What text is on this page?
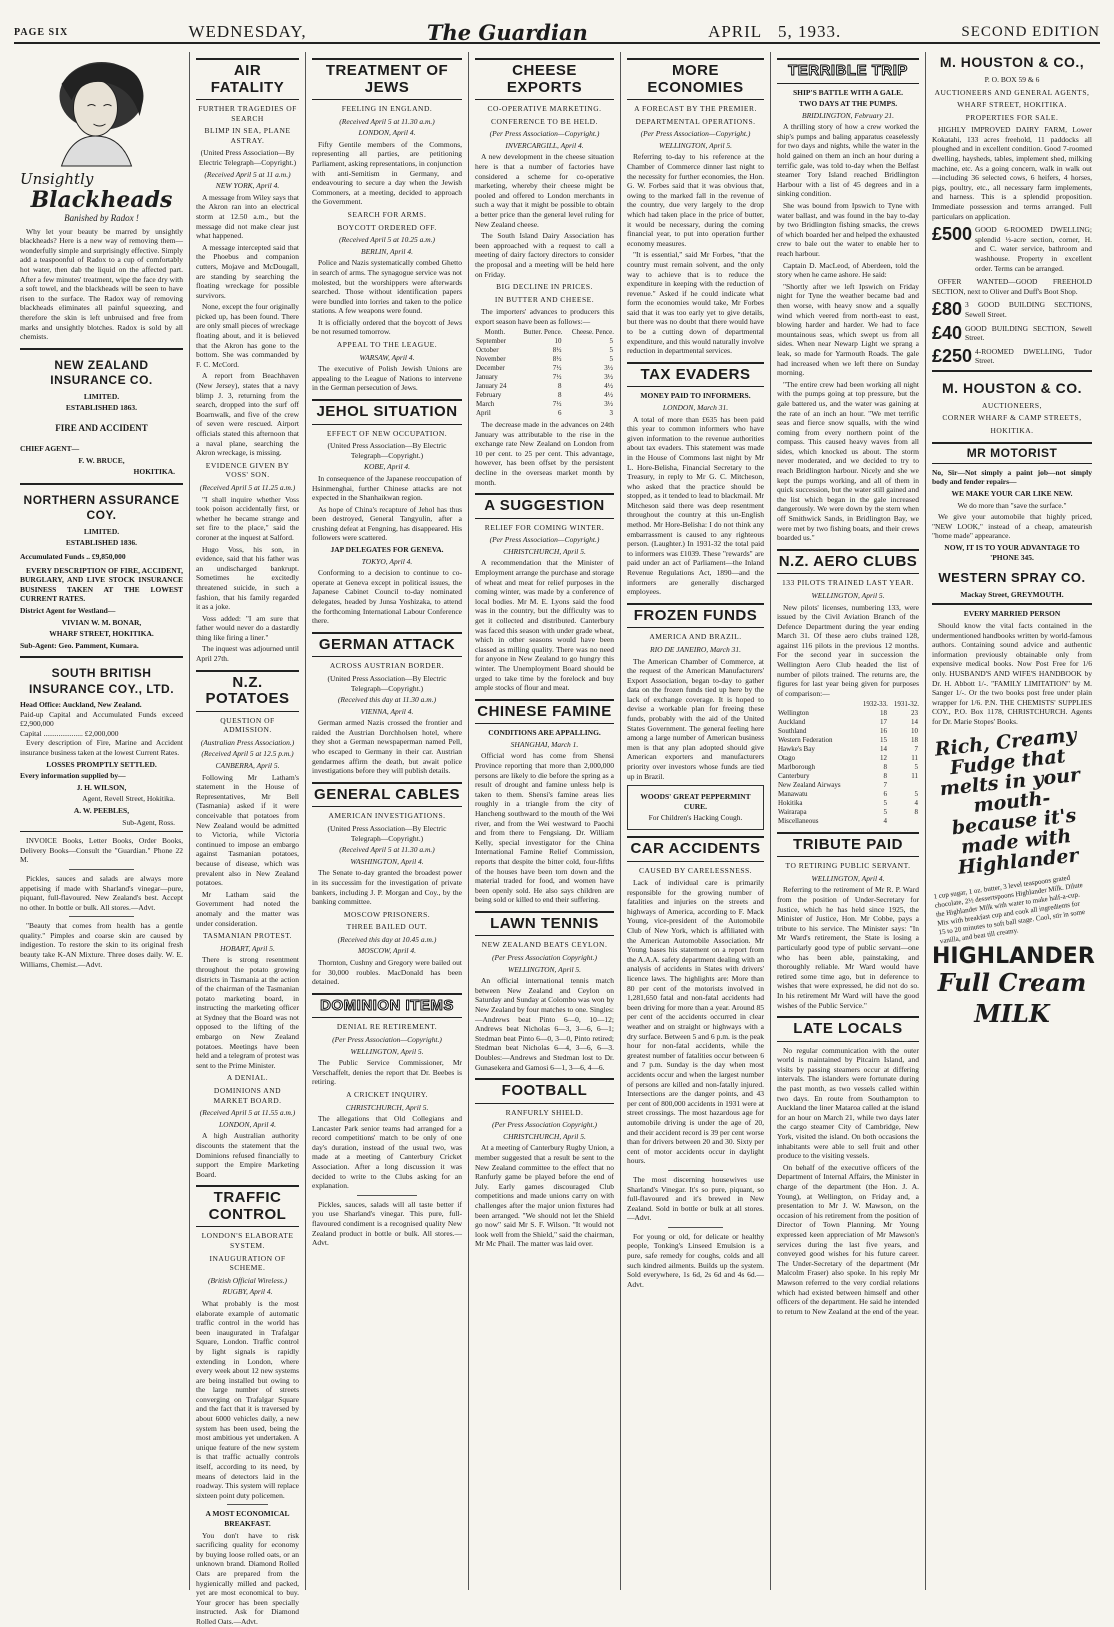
PAGE SIX	WEDNESDAY,	The Guardian	APRIL 5, 1933.	SECOND EDITION
Unsightly
Blackheads
Banished by Radox !

Why let your beauty be marred by unsightly blackheads? Here is a new way of removing them—wonderfully simple and surprisingly effective. Simply add a teaspoonful of Radox to a cup of comfortably hot water, then dab the liquid on the affected part. After a few minutes' treatment, wipe the face dry with a soft towel, and the blackheads will be seen to have risen to the surface. The Radox way of removing blackheads eliminates all painful squeezing, and therefore the skin is left unbruised and free from marks and unsightly blotches. Radox is sold by all chemists.

NEW ZEALAND INSURANCE CO.
LIMITED.
ESTABLISHED 1863.
FIRE AND ACCIDENT
CHIEF AGENT—
F. W. BRUCE,
HOKITIKA.
NORTHERN ASSURANCE COY.
LIMITED.
ESTABLISHED 1836.
Accumulated Funds .. £9,850,000

EVERY DESCRIPTION OF FIRE, ACCIDENT, BURGLARY, AND LIVE STOCK INSURANCE BUSINESS TAKEN AT THE LOWEST CURRENT RATES.

District Agent for Westland—
VIVIAN W. M. BONAR,
WHARF STREET, HOKITIKA.
Sub-Agent: Geo. Pamment, Kumara.
SOUTH BRITISH INSURANCE COY., LTD.
Head Office: Auckland, New Zealand.
Paid-up Capital and Accumulated Funds exceed £2,900,000
Capital ..................... £2,000,000

Every description of Fire, Marine and Accident insurance business taken at the lowest Current Rates.

LOSSES PROMPTLY SETTLED.
Every information supplied by—
J. H. WILSON,
Agent, Revell Street, Hokitika.
A. W. PEEBLES,
Sub-Agent, Ross.

INVOICE Books, Letter Books, Order Books, Delivery Books—Consult the "Guardian." Phone 22 M.

Pickles, sauces and salads are always more appetising if made with Sharland's vinegar—pure, piquant, full-flavoured. New Zealand's best. Accept no other. In bottle or bulk. All stores.—Advt.

"Beauty that comes from health has a gentle quality." Pimples and coarse skin are caused by indigestion. To restore the skin to its original fresh beauty take K-AN Mixture. Three doses daily. W. E. Williams, Chemist.—Advt.

AIR FATALITY
FURTHER TRAGEDIES OF SEARCH
BLIMP IN SEA, PLANE ASTRAY.
(United Press Association—By Electric Telegraph—Copyright.)
(Received April 5 at 11 a.m.)
NEW YORK, April 4.

A message from Wiley says that the Akron ran into an electrical storm at 12.50 a.m., but the message did not make clear just what happened.

A message intercepted said that the Phoebus and companion cutters, Mojave and McDougall, are standing by searching the floating wreckage for possible survivors.

None, except the four originally picked up, has been found. There are only small pieces of wreckage floating about, and it is believed that the Akron has gone to the bottom. She was commanded by F. C. McCord.

A report from Beachhaven (New Jersey), states that a navy blimp J. 3, returning from the search, dropped into the surf off Boarnwalk, and five of the crew of seven were rescued. Airport officials stated this afternoon that a naval plane, searching the Akron wreckage, is missing.

EVIDENCE GIVEN BY VOSS' SON.
(Received April 5 at 11.25 a.m.)

"I shall inquire whether Voss took poison accidentally first, or whether he became strange and set fire to the place," said the coroner at the inquest at Salford.

Hugo Voss, his son, in evidence, said that his father was an undischarged bankrupt. Sometimes he excitedly threatened suicide, in such a fashion, that his family regarded it as a joke.

Voss added: "I am sure that father would never do a dastardly thing like firing a liner."

The inquest was adjourned until April 27th.

N.Z. POTATOES
QUESTION OF ADMISSION.
(Australian Press Association.)
(Received April 5 at 12.5 p.m.)
CANBERRA, April 5.

Following Mr Latham's statement in the House of Representatives, Mr Bell (Tasmania) asked if it were conceivable that potatoes from New Zealand would be admitted to Victoria, while Victoria continued to impose an embargo against Tasmanian potatoes, because of disease, which was prevalent also in New Zealand potatoes.

Mr Latham said the Government had noted the anomaly and the matter was under consideration.

TASMANIAN PROTEST.
HOBART, April 5.

There is strong resentment throughout the potato growing districts in Tasmania at the action of the chairman of the Tasmanian potato marketing board, in instructing the marketing officer at Sydney that the Board was not opposed to the lifting of the embargo on New Zealand potatoes. Meetings have been held and a telegram of protest was sent to the Prime Minister.

A DENIAL.
DOMINIONS AND MARKET BOARD.
(Received April 5 at 11.55 a.m.)
LONDON, April 4.

A high Australian authority discounts the statement that the Dominions refused financially to support the Empire Marketing Board.

TRAFFIC CONTROL
LONDON'S ELABORATE SYSTEM.
INAUGURATION OF SCHEME.
(British Official Wireless.)
RUGBY, April 4.

What probably is the most elaborate example of automatic traffic control in the world has been inaugurated in Trafalgar Square, London. Traffic control by light signals is rapidly extending in London, where every week about 12 new systems are being installed but owing to the large number of streets converging on Trafalgar Square and the fact that it is traversed by about 6000 vehicles daily, a new system has been used, being the most ambitious yet undertaken. A unique feature of the new system is that traffic actually controls itself, according to its need, by means of detectors laid in the roadway. This system will replace sixteen point duty policemen.

A MOST ECONOMICAL BREAKFAST.

You don't have to risk sacrificing quality for economy by buying loose rolled oats, or an unknown brand. Diamond Rolled Oats are prepared from the hygienically milled and packed, yet are most economical to buy. Your grocer has been specially instructed. Ask for Diamond Rolled Oats.—Advt.

TREATMENT OF JEWS
FEELING IN ENGLAND.
(Received April 5 at 11.30 a.m.)
LONDON, April 4.

Fifty Gentile members of the Commons, representing all parties, are petitioning Parliament, asking representations, in conjunction with anti-Semitism in Germany, and endeavouring to secure a day when the Jewish Commoners, at a meeting, decided to approach the Government.

SEARCH FOR ARMS.
BOYCOTT ORDERED OFF.
(Received April 5 at 10.25 a.m.)
BERLIN, April 4.

Police and Nazis systematically combed Ghetto in search of arms. The synagogue service was not molested, but the worshippers were afterwards searched. Those without identification papers were bundled into lorries and taken to the police stations. A few weapons were found.

It is officially ordered that the boycott of Jews be not resumed tomorrow.

APPEAL TO THE LEAGUE.
WARSAW, April 4.

The executive of Polish Jewish Unions are appealing to the League of Nations to intervene in the German persecution of Jews.

JEHOL SITUATION
EFFECT OF NEW OCCUPATION.
(United Press Association—By Electric Telegraph—Copyright.)
KOBE, April 4.

In consequence of the Japanese reoccupation of Hsinmenghai, further Chinese attacks are not expected in the Shanhaikwan region.

As hope of China's recapture of Jehol has thus been destroyed, General Tangyulin, after a crushing defeat at Fengning, has disappeared. His followers were scattered.

JAP DELEGATES FOR GENEVA.
TOKYO, April 4.

Conforming to a decision to continue to co-operate at Geneva except in political issues, the Japanese Cabinet Council to-day nominated delegates, headed by Junsa Yoshizaka, to attend the forthcoming International Labour Conference there.

GERMAN ATTACK
ACROSS AUSTRIAN BORDER.
(United Press Association—By Electric Telegraph—Copyright.)
(Received this day at 11.30 a.m.)
VIENNA, April 4.

German armed Nazis crossed the frontier and raided the Austrian Dorchholsen hotel, where they shot a German newspaperman named Pell, who escaped to Germany in their car. Austrian gendarmes affirm the death, but await police investigations before they will publish details.

GENERAL CABLES
AMERICAN INVESTIGATIONS.
(United Press Association—By Electric Telegraph—Copyright.)
(Received April 5 at 11.30 a.m.)
WASHINGTON, April 4.

The Senate to-day granted the broadest power in its successim for the investigation of private bankers, including J. P. Morgan and Coy., by the banking committee.

MOSCOW PRISONERS.
THREE BAILED OUT.
(Received this day at 10.45 a.m.)
MOSCOW, April 4.

Thornton, Cushny and Gregory were bailed out for 30,000 roubles. MacDonald has been detained.

DOMINION ITEMS
DENIAL RE RETIREMENT.
(Per Press Association—Copyright.)
WELLINGTON, April 5.

The Public Service Commissioner, Mr Verschaffelt, denies the report that Dr. Beebes is retiring.

A CRICKET INQUIRY.
CHRISTCHURCH, April 5.

The allegations that Old Collegians and Lancaster Park senior teams had arranged for a record competitions' match to be only of one day's duration, instead of the usual two, was made at a meeting of Canterbury Cricket Association. After a long discussion it was decided to write to the Clubs asking for an explanation.

Pickles, sauces, salads will all taste better if you use Sharland's vinegar. This pure, full-flavoured condiment is a recognised quality New Zealand product in bottle or bulk. All stores.—Advt.

CHEESE EXPORTS
CO-OPERATIVE MARKETING.
CONFERENCE TO BE HELD.
(Per Press Association—Copyright.)
INVERCARGILL, April 4.

A new development in the cheese situation here is that a number of factories have considered a scheme for co-operative marketing, whereby their cheese might be pooled and offered to London merchants in such a way that it might be possible to obtain a better price than the general level ruling for New Zealand cheese.

The South Island Dairy Association has been approached with a request to call a meeting of dairy factory directors to consider the proposal and a meeting will be held here on Friday.

BIG DECLINE IN PRICES.
IN BUTTER AND CHEESE.

The importers' advances to producers this export season have been as follows:—

Month.	Butter. Pence.	Cheese. Pence.
September	10	5
October	8½	5
November	8½	5
December	7½	3½
January	7½	3½
January 24	8	4½
February	8	4½
March	7½	3½
April	6	3

The decrease made in the advances on 24th January was attributable to the rise in the exchange rate New Zealand on London from 10 per cent. to 25 per cent. This advantage, however, has been offset by the persistent decline in the overseas market month by month.

A SUGGESTION
RELIEF FOR COMING WINTER.
(Per Press Association—Copyright.)
CHRISTCHURCH, April 5.

A recommendation that the Minister of Employment arrange the purchase and storage of wheat and meat for relief purposes in the coming winter, was made by a conference of local bodies. Mr M. E. Lyons said the food was in the country, but the difficulty was to get it collected and distributed. Canterbury was faced this season with under grade wheat, which in other seasons would have been classed as milling quality. There was no need for anyone in New Zealand to go hungry this winter. The Unemployment Board should be urged to take time by the forelock and buy ample stocks of flour and meat.

CHINESE FAMINE
CONDITIONS ARE APPALLING.
SHANGHAI, March 1.

Official word has come from Shensi Province reporting that more than 2,000,000 persons are likely to die before the spring as a result of drought and famine unless help is taken to them. Shensi's famine areas lies roughly in a triangle from the city of Hancheng southward to the mouth of the Wei river, and from the Wei westward to Paochi and from there to Fengsiang. Dr. William Kelly, special investigator for the China International Famine Relief Commission, reports that despite the bitter cold, four-fifths of the houses have been torn down and the material traded for food, and women have been openly sold. He also says children are being sold or killed to end their suffering.

LAWN TENNIS
NEW ZEALAND BEATS CEYLON.
(Per Press Association Copyright.)
WELLINGTON, April 5.

An official international tennis match between New Zealand and Ceylon on Saturday and Sunday at Colombo was won by New Zealand by four matches to one. Singles:—Andrews beat Pinto 6—0, 10—12; Andrews beat Nicholas 6—3, 3—6, 6—1; Stedman beat Pinto 6—0, 3—0, Pinto retired; Stedman beat Nicholas 6—4, 3—6, 6—3. Doubles:—Andrews and Stedman lost to Dr. Gunasekera and Gamosi 6—1, 3—6, 4—6.

FOOTBALL
RANFURLY SHIELD.
(Per Press Association Copyright.)
CHRISTCHURCH, April 5.

At a meeting of Canterbury Rugby Union, a member suggested that a result be sent to the New Zealand committee to the effect that no Ranfurly game be played before the end of July. Early games discouraged Club competitions and made unions carry on with challenges after the major union fixtures had been arranged. "We should not let the Shield go now" said Mr S. F. Wilson. "It would not look well from the Shield," said the chairman, Mr Mc Phail. The matter was laid over.

MORE ECONOMIES
A FORECAST BY THE PREMIER.
DEPARTMENTAL OPERATIONS.
(Per Press Association—Copyright.)
WELLINGTON, April 5.

Referring to-day to his reference at the Chamber of Commerce dinner last night to the necessity for further economies, the Hon. G. W. Forbes said that it was obvious that, owing to the marked fall in the revenue of the country, due very largely to the drop which had taken place in the price of butter, it would be necessary, during the coming financial year, to put into operation further economy measures.

"It is essential," said Mr Forbes, "that the country must remain solvent, and the only way to achieve that is to reduce the expenditure in keeping with the reduction of revenue." Asked if he could indicate what form the economies would take, Mr Forbes said that it was too early yet to give details, but there was no doubt that there would have to be a cutting down of departmental expenditure, and this would naturally involve reduction in departmental services.

TAX EVADERS
MONEY PAID TO INFORMERS.
LONDON, March 31.

A total of more than £635 has been paid this year to common informers who have given information to the revenue authorities about tax evaders. This statement was made in the House of Commons last night by Mr L. Hore-Belisha, Financial Secretary to the Treasury, in reply to Mr G. C. Mitcheson, who asked that the practice should be stopped, as it tended to lead to blackmail. Mr Mitcheson said there was deep resentment throughout the country at this un-English method. Mr Hore-Belisha: I do not think any embarrassment is caused to any righteous person. (Laughter.) In 1931-32 the total paid to informers was £1039. These "rewards" are paid under an act of Parliament—the Inland Revenue Regulations Act, 1890—and the informers are generally discharged employees.

FROZEN FUNDS
AMERICA AND BRAZIL.
RIO DE JANEIRO, March 31.

The American Chamber of Commerce, at the request of the American Manufacturers' Export Association, began to-day to gather data on the frozen funds tied up here by the lack of exchange coverage. It is hoped to devise a workable plan for freeing these funds, probably with the aid of the United States Government. The general feeling here among a large number of American business men is that any plan adopted should give American exporters and manufacturers priority over investors whose funds are tied up in Brazil.

WOODS' GREAT PEPPERMINT CURE.
For Children's Hacking Cough.
CAR ACCIDENTS
CAUSED BY CARELESSNESS.

Lack of individual care is primarily responsible for the growing number of fatalities and injuries on the streets and highways of America, according to F. Mack Young, vice-president of the Automobile Club of New York, which is affiliated with the American Automobile Association. Mr Young bases his statement on a report from the A.A.A. safety department dealing with an analysis of accidents in States with drivers' licence laws. The highlights are: More than 80 per cent of the motorists involved in 1,281,650 fatal and non-fatal accidents had been driving for more than a year. Around 85 per cent of the accidents occurred in clear weather and on straight or highways with a dry surface. Between 5 and 6 p.m. is the peak hour for non-fatal accidents, while the greatest number of fatalities occur between 6 and 7 p.m. Sunday is the day when most accidents occur and when the largest number of persons are killed and non-fatally injured. Intersections are the danger points, and 43 per cent of 800,000 accidents in 1931 were at street crossings. The most hazardous age for automobile driving is under the age of 20, and their accident record is 39 per cent worse than for drivers between 20 and 30. Sixty per cent of motor accidents occur in daylight hours.

The most discerning housewives use Sharland's Vinegar. It's so pure, piquant, so full-flavoured and it's brewed in New Zealand. Sold in bottle or bulk at all stores.—Advt.

For young or old, for delicate or healthy people, Tonking's Linseed Emulsion is a pure, safe remedy for coughs, colds and all such kindred ailments. Builds up the system. Sold everywhere, 1s 6d, 2s 6d and 4s 6d.—Advt.

TERRIBLE TRIP
SHIP'S BATTLE WITH A GALE.
TWO DAYS AT THE PUMPS.
BRIDLINGTON, February 21.

A thrilling story of how a crew worked the ship's pumps and baling apparatus ceaselessly for two days and nights, while the water in the hold gained on them an inch an hour during a terrific gale, was told to-day when the Belfast steamer Tory Island reached Bridlington Harbour with a list of 45 degrees and in a sinking condition.

She was bound from Ipswich to Tyne with water ballast, and was found in the bay to-day by two Bridlington fishing smacks, the crews of which boarded her and helped the exhausted crew to bale out the water to enable her to reach harbour.

Captain D. MacLeod, of Aberdeen, told the story when he came ashore. He said:

"Shortly after we left Ipswich on Friday night for Tyne the weather became bad and then worse, with heavy snow and a squally wind which veered from north-east to east, blowing harder and harder. We had to face mountainous seas, which swept us from all sides. When near Newarp Light we sprang a leak, so made for Yarmouth Roads. The gale had increased when we left there on Sunday morning.

"The entire crew had been working all night with the pumps going at top pressure, but the gale battered us, and the water was gaining at the rate of an inch an hour. "We met terrific seas and fierce snow squalls, with the wind coming from every northern point of the compass. This caused heavy waves from all sides, which knocked us about. The storm never moderated, and we decided to try to reach Bridlington harbour. Nicely and she we kept the pumps working, and all of them in quick succession, but the water still gained and the list which began in the gale increased dangerously. We were down by the stern when off Smithwick Sands, in Bridlington Bay, we were met by two fishing boats, and their crews boarded us."

N.Z. AERO CLUBS
133 PILOTS TRAINED LAST YEAR.
WELLINGTON, April 5.

New pilots' licenses, numbering 133, were issued by the Civil Aviation Branch of the Defence Department during the year ending March 31. Of these aero clubs trained 128, against 116 pilots in the previous 12 months. For the second year in succession the Wellington Aero Club headed the list of number of pilots trained. The returns are, the figures for last year being given for purposes of comparison:—

	1932-33.	1931-32.
Wellington	18	23
Auckland	17	14
Southland	16	10
Western Federation	15	18
Hawke's Bay	14	7
Otago	12	11
Marlborough	8	5
Canterbury	8	11
New Zealand Airways	7	
Manawatu	6	5
Hokitika	5	4
Wairarapa	5	8
Miscellaneous	4	
TRIBUTE PAID
TO RETIRING PUBLIC SERVANT.
WELLINGTON, April 4.

Referring to the retirement of Mr R. P. Ward from the position of Under-Secretary for Justice, which he has held since 1925, the Minister of Justice, Hon. Mr Cobbe, pays a tribute to his service. The Minister says: "In Mr Ward's retirement, the State is losing a particularly good type of public servant—one who has been able, painstaking, and thoroughly reliable. Mr Ward would have retired some time ago, but in deference to wishes that were expressed, he did not do so. In his retirement Mr Ward will have the good wishes of the Public Service."

LATE LOCALS

No regular communication with the outer world is maintained by Pitcairn Island, and visits by passing steamers occur at differing intervals. The islanders were fortunate during the past month, as two vessels called within two days. En route from Southampton to Auckland the liner Mataroa called at the island for an hour on March 21, while two days later the cargo steamer City of Cambridge, New York, visited the island. On both occasions the inhabitants were able to sell fruit and other produce to the visiting vessels.

On behalf of the executive officers of the Department of Internal Affairs, the Minister in charge of the department (the Hon. J. A. Young), at Wellington, on Friday and, a presentation to Mr J. W. Mawson, on the occasion of his retirement from the position of Director of Town Planning. Mr Young expressed keen appreciation of Mr Mawson's services during the last five years, and conveyed good wishes for his future career. The Under-Secretary of the department (Mr Malcolm Fraser) also spoke. In his reply Mr Mawson referred to the very cordial relations which had existed between himself and other officers of the department. He said he intended to return to New Zealand at the end of the year.

M. HOUSTON & CO.,
P. O. BOX 59 & 6
AUCTIONEERS AND GENERAL AGENTS,
WHARF STREET, HOKITIKA.
PROPERTIES FOR SALE.

HIGHLY IMPROVED DAIRY FARM, Lower Kokatahi, 133 acres freehold, 11 paddocks all ploughed and in excellent condition. Good 7-roomed dwelling, haysheds, tables, implement shed, milking machine, etc. As a going concern, walk in walk out—including 36 selected cows, 6 heifers, 4 horses, pigs, poultry, etc., all necessary farm implements, and harness. This is a splendid proposition. Immediate possession and terms arranged. Full particulars on application.

£500 GOOD 6-ROOMED DWELLING; splendid ½-acre section, corner, H. and C. water service, bathroom and washhouse. Property in excellent order. Terms can be arranged.

OFFER WANTED—GOOD FREEHOLD SECTION, next to Oliver and Duff's Boot Shop.

£80 3 GOOD BUILDING SECTIONS, Sewell Street.
£40 GOOD BUILDING SECTION, Sewell Street.
£250 4-ROOMED DWELLING, Tudor Street.
M. HOUSTON & CO.
AUCTIONEERS,
CORNER WHARF & CAMP STREETS,
HOKITIKA.
MR MOTORIST
No, Sir—Not simply a paint job—not simply body and fender repairs—
WE MAKE YOUR CAR LIKE NEW.
We do more than "save the surface."

We give your automobile that highly priced, "NEW LOOK," instead of a cheap, amateurish "home made" appearance.

NOW, IT IS TO YOUR ADVANTAGE TO 'PHONE 345.
WESTERN SPRAY CO.
Mackay Street, GREYMOUTH.
EVERY MARRIED PERSON

Should know the vital facts contained in the undermentioned handbooks written by world-famous authors. Containing sound advice and authentic information previously obtainable only from expensive medical books. Now Post Free for 1/6 only. HUSBAND'S AND WIFE'S HANDBOOK by Dr. H. Abbott 1/-. "FAMILY LIMITATION" by M. Sanger 1/-. Or the two books post free under plain wrapper for 1/6. P.N. THE CHEMISTS' SUPPLIES COY., P.O. Box 1178, CHRISTCHURCH. Agents for Dr. Marie Stopes' Books.

Rich, Creamy Fudge that melts in your mouth-because it's made with Highlander
1 cup sugar, 1 oz. butter, 3 level teaspoons grated chocolate, 2½ dessertspoons Highlander Milk. Dilute the Highlander Milk with water to make half-a-cup. Mix with breakfast cup and cook all ingredients for 15 to 20 minutes to soft ball stage. Cool, stir in some vanilla, and beat till creamy.
HIGHLANDER
Full Cream MILK
